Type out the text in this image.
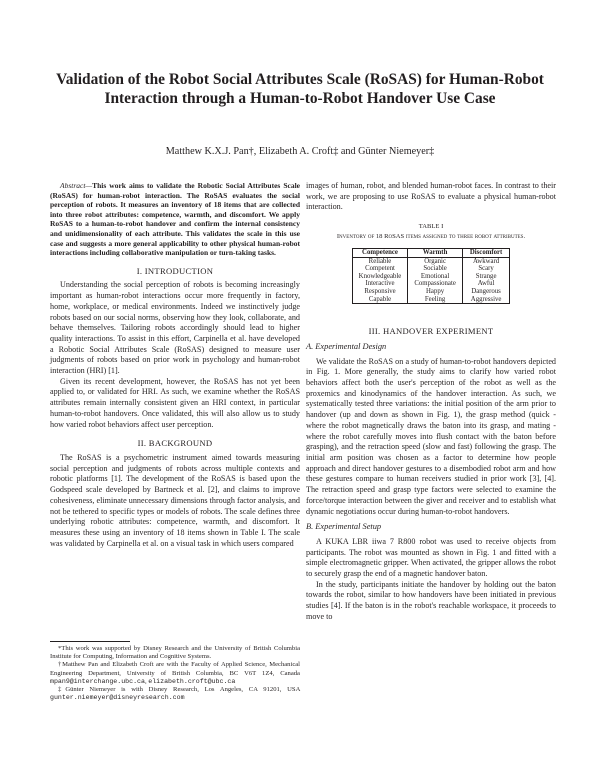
Validation of the Robot Social Attributes Scale (RoSAS) for Human-Robot Interaction through a Human-to-Robot Handover Use Case
Matthew K.X.J. Pan†, Elizabeth A. Croft‡ and Günter Niemeyer‡

Abstract—This work aims to validate the Robotic Social Attributes Scale (RoSAS) for human-robot interaction. The RoSAS evaluates the social perception of robots. It measures an inventory of 18 items that are collected into three robot attributes: competence, warmth, and discomfort. We apply RoSAS to a human-to-robot handover and confirm the internal consistency and unidimensionality of each attribute. This validates the scale in this use case and suggests a more general applicability to other physical human-robot interactions including collaborative manipulation or turn-taking tasks.

I. INTRODUCTION

Understanding the social perception of robots is becoming increasingly important as human-robot interactions occur more frequently in factory, home, workplace, or medical environments. Indeed we instinctively judge robots based on our social norms, observing how they look, collaborate, and behave themselves. Tailoring robots accordingly should lead to higher quality interactions. To assist in this effort, Carpinella et al. have developed a Robotic Social Attributes Scale (RoSAS) designed to measure user judgments of robots based on prior work in psychology and human-robot interaction (HRI) [1].

Given its recent development, however, the RoSAS has not yet been applied to, or validated for HRI. As such, we examine whether the RoSAS attributes remain internally consistent given an HRI context, in particular human-to-robot handovers. Once validated, this will also allow us to study how varied robot behaviors affect user perception.

II. BACKGROUND

The RoSAS is a psychometric instrument aimed towards measuring social perception and judgments of robots across multiple contexts and robotic platforms [1]. The development of the RoSAS is based upon the Godspeed scale developed by Bartneck et al. [2], and claims to improve cohesiveness, eliminate unnecessary dimensions through factor analysis, and not be tethered to specific types or models of robots. The scale defines three underlying robotic attributes: competence, warmth, and discomfort. It measures these using an inventory of 18 items shown in Table I. The scale was validated by Carpinella et al. on a visual task in which users compared

*This work was supported by Disney Research and the University of British Columbia Institute for Computing, Information and Cognitive Systems.

†Matthew Pan and Elizabeth Croft are with the Faculty of Applied Science, Mechanical Engineering Department, University of British Columbia, BC V6T 1Z4, Canada mpan9@interchange.ubc.ca, elizabeth.croft@ubc.ca

‡Günter Niemeyer is with Disney Research, Los Angeles, CA 91201, USA gunter.niemeyer@disneyresearch.com

images of human, robot, and blended human-robot faces. In contrast to their work, we are proposing to use RoSAS to evaluate a physical human-robot interaction.

TABLE I
Inventory of 18 RoSAS items assigned to three robot attributes.
Competence	Warmth	Discomfort
Reliable	Organic	Awkward
Competent	Sociable	Scary
Knowledgeable	Emotional	Strange
Interactive	Compassionate	Awful
Responsive	Happy	Dangerous
Capable	Feeling	Aggressive
III. HANDOVER EXPERIMENT
A. Experimental Design

We validate the RoSAS on a study of human-to-robot handovers depicted in Fig. 1. More generally, the study aims to clarify how varied robot behaviors affect both the user's perception of the robot as well as the proxemics and kinodynamics of the handover interaction. As such, we systematically tested three variations: the initial position of the arm prior to handover (up and down as shown in Fig. 1), the grasp method (quick - where the robot magnetically draws the baton into its grasp, and mating - where the robot carefully moves into flush contact with the baton before grasping), and the retraction speed (slow and fast) following the grasp. The initial arm position was chosen as a factor to determine how people approach and direct handover gestures to a disembodied robot arm and how these gestures compare to human receivers studied in prior work [3], [4]. The retraction speed and grasp type factors were selected to examine the force/torque interaction between the giver and receiver and to establish what dynamic negotiations occur during human-to-robot handovers.

B. Experimental Setup

A KUKA LBR iiwa 7 R800 robot was used to receive objects from participants. The robot was mounted as shown in Fig. 1 and fitted with a simple electromagnetic gripper. When activated, the gripper allows the robot to securely grasp the end of a magnetic handover baton.

In the study, participants initiate the handover by holding out the baton towards the robot, similar to how handovers have been initiated in previous studies [4]. If the baton is in the robot's reachable workspace, it proceeds to move to
